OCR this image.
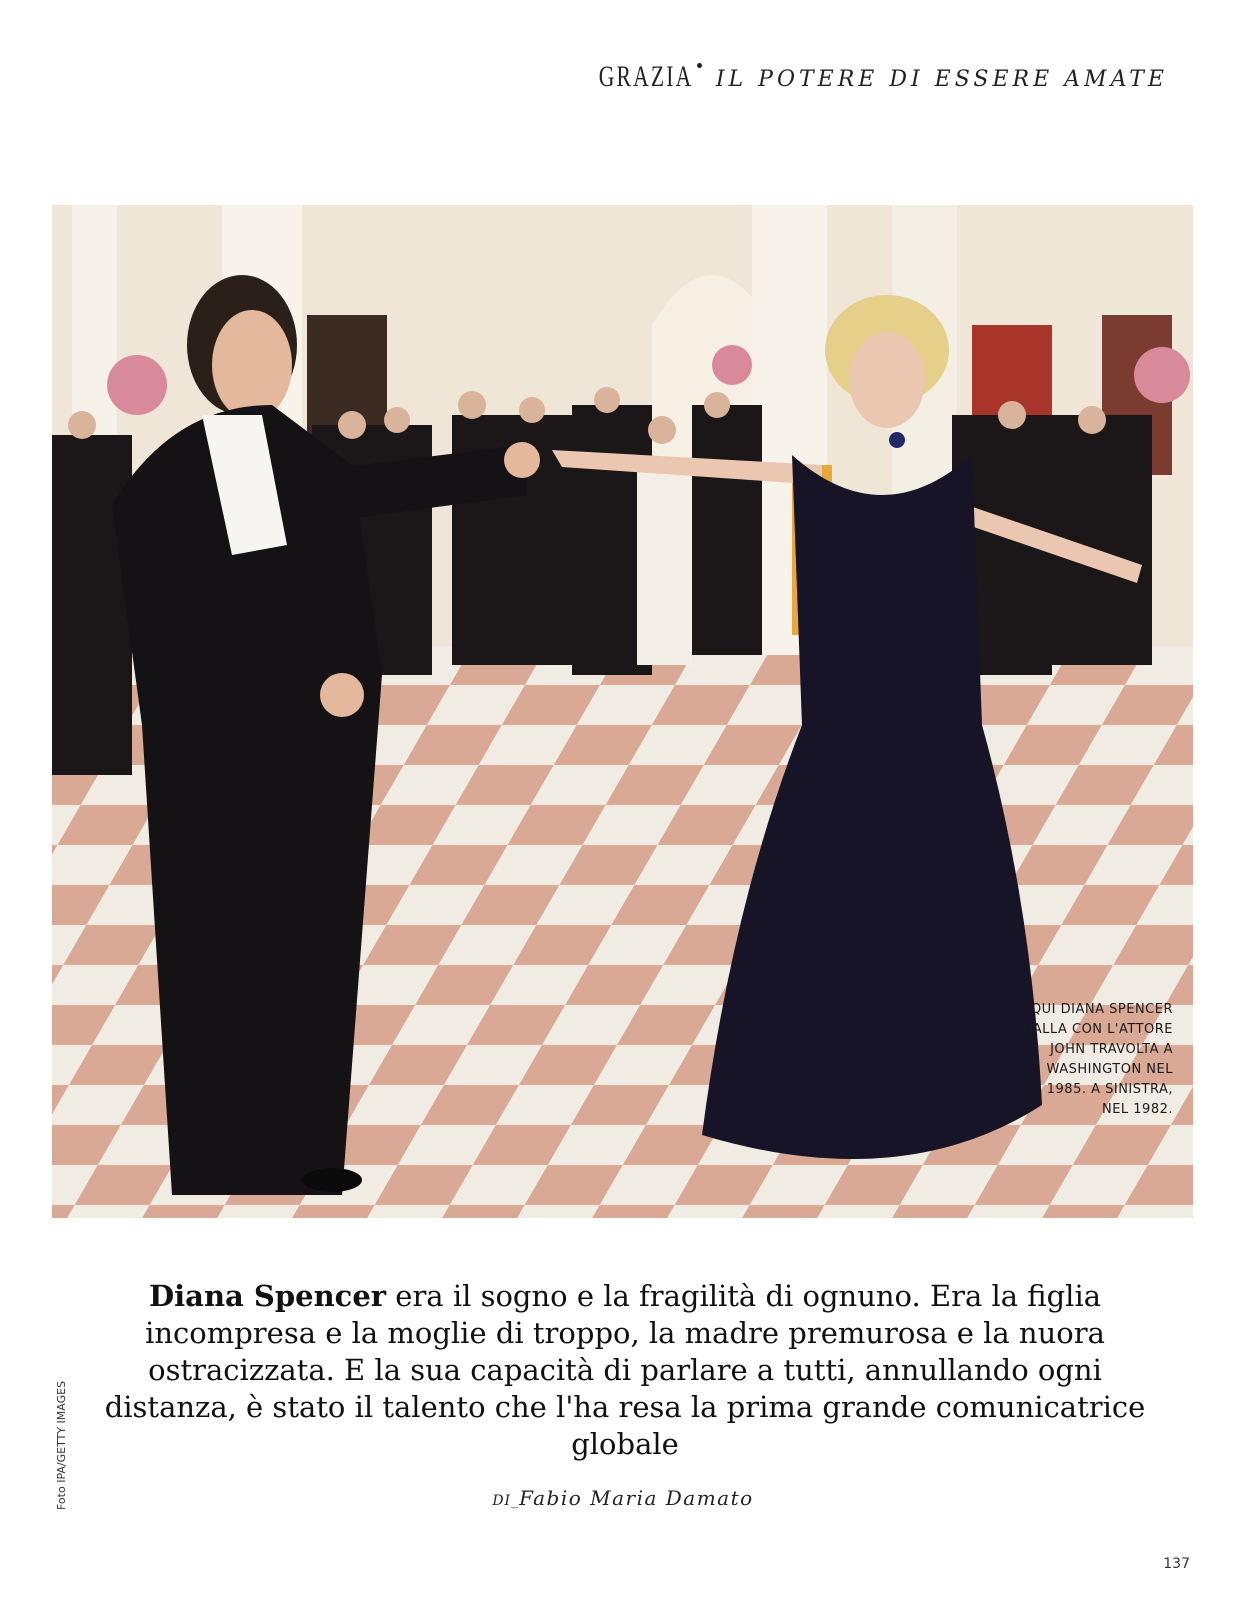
GRAZIA IL POTERE DI ESSERE AMATE
QUI DIANA SPENCER BALLA CON L'ATTORE JOHN TRAVOLTA A WASHINGTON NEL 1985. A SINISTRA, NEL 1982.
Foto IPA/GETTY IMAGES
Diana Spencer era il sogno e la fragilità di ognuno. Era la figlia incompresa e la moglie di troppo, la madre premurosa e la nuora ostracizzata. E la sua capacità di parlare a tutti, annullando ogni distanza, è stato il talento che l'ha resa la prima grande comunicatrice globale
DI_Fabio Maria Damato
137
